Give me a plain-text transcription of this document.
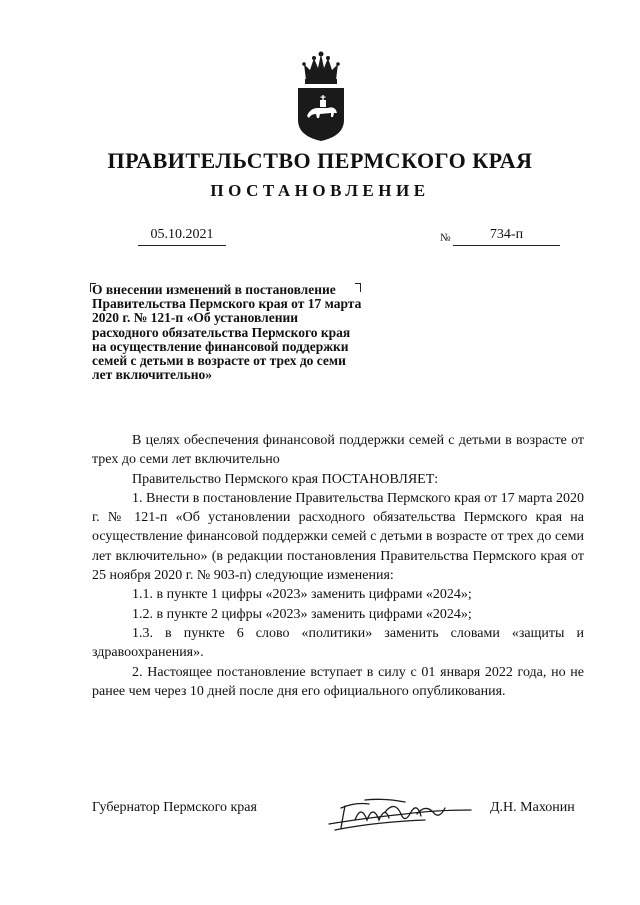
ПРАВИТЕЛЬСТВО ПЕРМСКОГО КРАЯ
ПОСТАНОВЛЕНИЕ
05.10.2021	№	734-п
О внесении изменений в постановление
Правительства Пермского края от 17 марта
2020 г. № 121-п «Об установлении
расходного обязательства Пермского края
на осуществление финансовой поддержки
семей с детьми в возрасте от трех до семи
лет включительно»

В целях обеспечения финансовой поддержки семей с детьми в возрасте от трех до семи лет включительно

Правительство Пермского края ПОСТАНОВЛЯЕТ:

1. Внести в постановление Правительства Пермского края от 17 марта 2020 г. № 121-п «Об установлении расходного обязательства Пермского края на осуществление финансовой поддержки семей с детьми в возрасте от трех до семи лет включительно» (в редакции постановления Правительства Пермского края от 25 ноября 2020 г. № 903-п) следующие изменения:

1.1. в пункте 1 цифры «2023» заменить цифрами «2024»;

1.2. в пункте 2 цифры «2023» заменить цифрами «2024»;

1.3. в пункте 6 слово «политики» заменить словами «защиты и здравоохранения».

2. Настоящее постановление вступает в силу с 01 января 2022 года, но не ранее чем через 10 дней после дня его официального опубликования.

Губернатор Пермского края	Д.Н. Махонин
